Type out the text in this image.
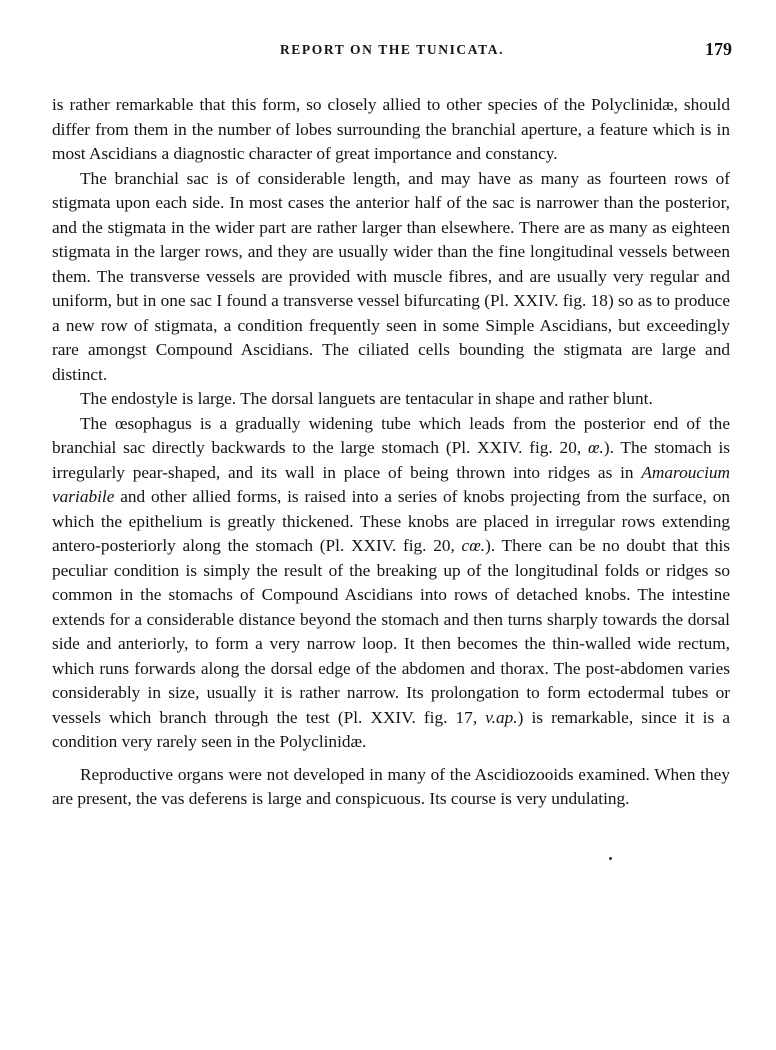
REPORT ON THE TUNICATA.	179

is rather remarkable that this form, so closely allied to other species of the Polyclinidæ, should differ from them in the number of lobes surrounding the branchial aperture, a feature which is in most Ascidians a diagnostic character of great importance and constancy.

The branchial sac is of considerable length, and may have as many as fourteen rows of stigmata upon each side. In most cases the anterior half of the sac is narrower than the posterior, and the stigmata in the wider part are rather larger than elsewhere. There are as many as eighteen stigmata in the larger rows, and they are usually wider than the fine longitudinal vessels between them. The transverse vessels are provided with muscle fibres, and are usually very regular and uniform, but in one sac I found a transverse vessel bifurcating (Pl. XXIV. fig. 18) so as to produce a new row of stigmata, a condition frequently seen in some Simple Ascidians, but exceedingly rare amongst Compound Ascidians. The ciliated cells bounding the stigmata are large and distinct.

The endostyle is large. The dorsal languets are tentacular in shape and rather blunt.

The œsophagus is a gradually widening tube which leads from the posterior end of the branchial sac directly backwards to the large stomach (Pl. XXIV. fig. 20, œ.). The stomach is irregularly pear-shaped, and its wall in place of being thrown into ridges as in Amaroucium variabile and other allied forms, is raised into a series of knobs projecting from the surface, on which the epithelium is greatly thickened. These knobs are placed in irregular rows extending antero-posteriorly along the stomach (Pl. XXIV. fig. 20, cœ.). There can be no doubt that this peculiar condition is simply the result of the breaking up of the longitudinal folds or ridges so common in the stomachs of Compound Ascidians into rows of detached knobs. The intestine extends for a considerable distance beyond the stomach and then turns sharply towards the dorsal side and anteriorly, to form a very narrow loop. It then becomes the thin-walled wide rectum, which runs forwards along the dorsal edge of the abdomen and thorax. The post-abdomen varies considerably in size, usually it is rather narrow. Its prolongation to form ectodermal tubes or vessels which branch through the test (Pl. XXIV. fig. 17, v.ap.) is remarkable, since it is a condition very rarely seen in the Polyclinidæ.

Reproductive organs were not developed in many of the Ascidiozooids examined. When they are present, the vas deferens is large and conspicuous. Its course is very undulating.
